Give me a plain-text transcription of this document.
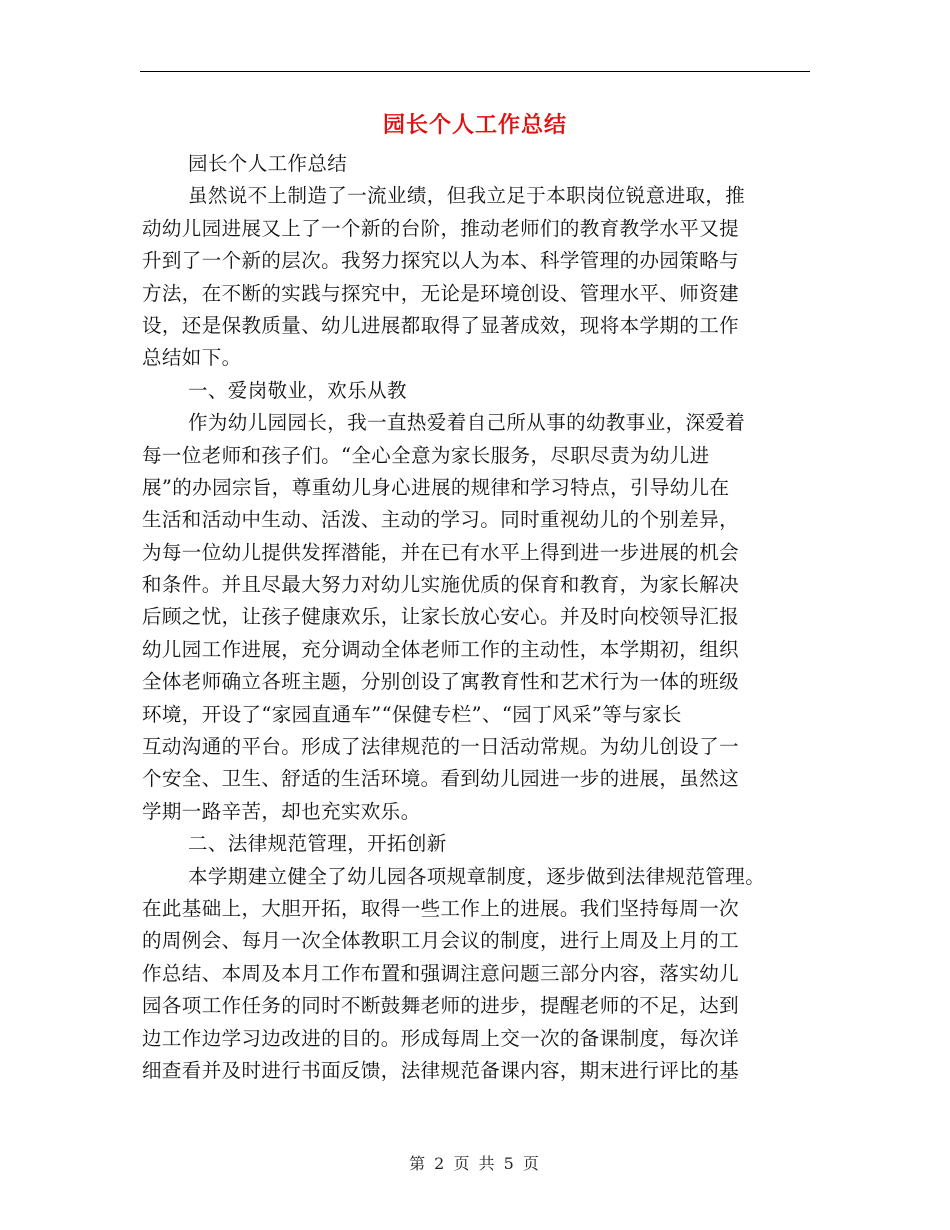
园长个人工作总结
园长个人工作总结
虽然说不上制造了一流业绩，但我立足于本职岗位锐意进取，推
动幼儿园进展又上了一个新的台阶，推动老师们的教育教学水平又提
升到了一个新的层次。我努力探究以人为本、科学管理的办园策略与
方法，在不断的实践与探究中，无论是环境创设、管理水平、师资建
设，还是保教质量、幼儿进展都取得了显著成效，现将本学期的工作
总结如下。
一、爱岗敬业，欢乐从教
作为幼儿园园长，我一直热爱着自己所从事的幼教事业，深爱着
每一位老师和孩子们。“全心全意为家长服务，尽职尽责为幼儿进
展”的办园宗旨，尊重幼儿身心进展的规律和学习特点，引导幼儿在
生活和活动中生动、活泼、主动的学习。同时重视幼儿的个别差异，
为每一位幼儿提供发挥潜能，并在已有水平上得到进一步进展的机会
和条件。并且尽最大努力对幼儿实施优质的保育和教育，为家长解决
后顾之忧，让孩子健康欢乐，让家长放心安心。并及时向校领导汇报
幼儿园工作进展，充分调动全体老师工作的主动性，本学期初，组织
全体老师确立各班主题，分别创设了寓教育性和艺术行为一体的班级
环境，开设了“家园直通车”“保健专栏”、“园丁风采”等与家长
互动沟通的平台。形成了法律规范的一日活动常规。为幼儿创设了一
个安全、卫生、舒适的生活环境。看到幼儿园进一步的进展，虽然这
学期一路辛苦，却也充实欢乐。
二、法律规范管理，开拓创新
本学期建立健全了幼儿园各项规章制度，逐步做到法律规范管理。
在此基础上，大胆开拓，取得一些工作上的进展。我们坚持每周一次
的周例会、每月一次全体教职工月会议的制度，进行上周及上月的工
作总结、本周及本月工作布置和强调注意问题三部分内容，落实幼儿
园各项工作任务的同时不断鼓舞老师的进步，提醒老师的不足，达到
边工作边学习边改进的目的。形成每周上交一次的备课制度，每次详
细查看并及时进行书面反馈，法律规范备课内容，期末进行评比的基
第 2 页 共 5 页
